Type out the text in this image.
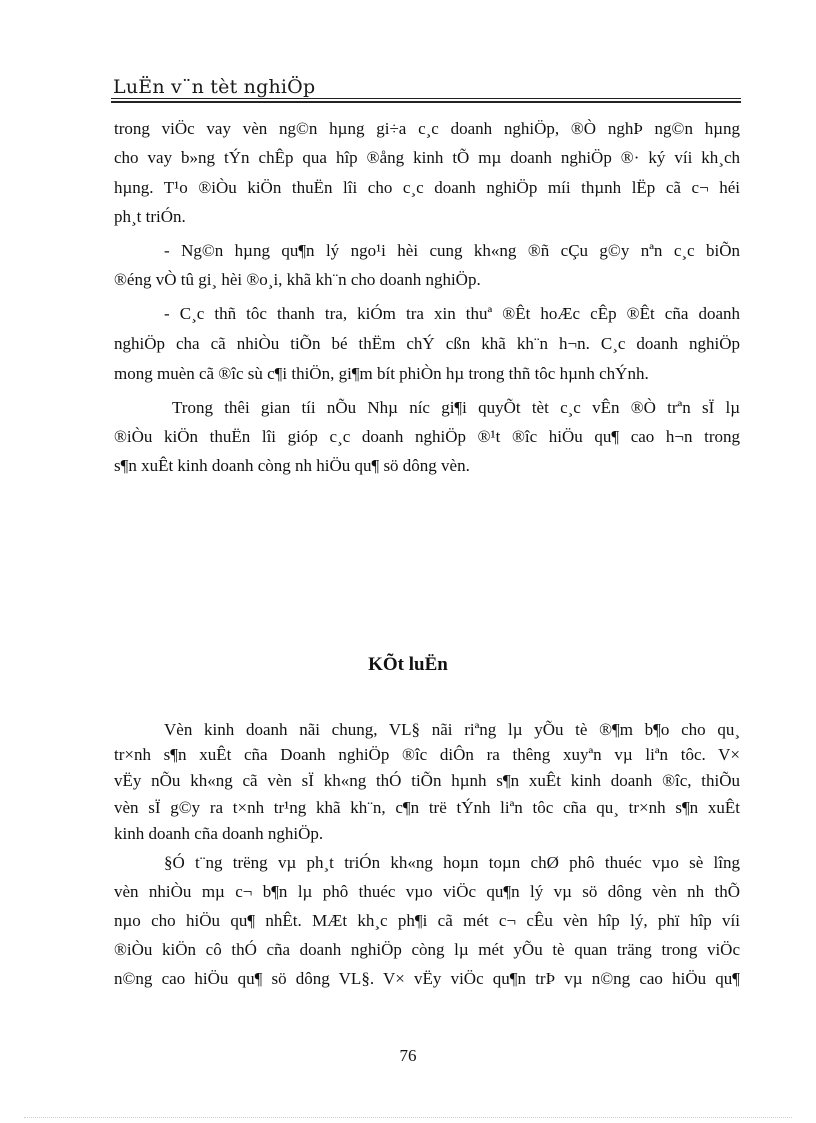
LuËn v¨n tèt nghiÖp
trong viÖc vay vèn ng©n hµng gi÷a c¸c doanh nghiÖp, ®Ò nghÞ ng©n hµng
cho vay b»ng tÝn chÊp qua hîp ®ång kinh tÕ mµ doanh nghiÖp ®· ký víi kh¸ch
hµng. T¹o ®iÒu kiÖn thuËn lîi cho c¸c doanh nghiÖp míi thµnh lËp cã c¬ héi
ph¸t triÓn.
- Ng©n hµng qu¶n lý ngo¹i hèi cung kh«ng ®ñ cÇu g©y nªn c¸c biÕn
®éng vÒ tû gi¸ hèi ®o¸i, khã kh¨n cho doanh nghiÖp.
- C¸c thñ tôc thanh tra, kiÓm tra xin thuª ®Êt hoÆc cÊp ®Êt cña doanh
nghiÖp cha cã nhiÒu tiÕn bé thËm chÝ cßn khã kh¨n h¬n. C¸c doanh nghiÖp
mong muèn cã ®îc sù c¶i thiÖn, gi¶m bít phiÒn hµ trong thñ tôc hµnh chÝnh.
Trong thêi gian tíi nÕu Nhµ níc gi¶i quyÕt tèt c¸c vÊn ®Ò trªn sÏ lµ
®iÒu kiÖn thuËn lîi gióp c¸c doanh nghiÖp ®¹t ®îc hiÖu qu¶ cao h¬n trong
s¶n xuÊt kinh doanh còng nh hiÖu qu¶ sö dông vèn.
KÕt luËn
Vèn kinh doanh nãi chung, VL§ nãi riªng lµ yÕu tè ®¶m b¶o cho qu¸
tr×nh s¶n xuÊt cña Doanh nghiÖp ®îc diÔn ra thêng xuyªn vµ liªn tôc. V×
vËy nÕu kh«ng cã vèn sÏ kh«ng thÓ tiÕn hµnh s¶n xuÊt kinh doanh ®îc, thiÕu
vèn sÏ g©y ra t×nh tr¹ng khã kh¨n, c¶n trë tÝnh liªn tôc cña qu¸ tr×nh s¶n xuÊt
kinh doanh cña doanh nghiÖp.
§Ó t¨ng trëng vµ ph¸t triÓn kh«ng hoµn toµn chØ phô thuéc vµo sè lîng
vèn nhiÒu mµ c¬ b¶n lµ phô thuéc vµo viÖc qu¶n lý vµ sö dông vèn nh thÕ
nµo cho hiÖu qu¶ nhÊt. MÆt kh¸c ph¶i cã mét c¬ cÊu vèn hîp lý, phï hîp víi
®iÒu kiÖn cô thÓ cña doanh nghiÖp còng lµ mét yÕu tè quan träng trong viÖc
n©ng cao hiÖu qu¶ sö dông VL§. V× vËy viÖc qu¶n trÞ vµ n©ng cao hiÖu qu¶
76
